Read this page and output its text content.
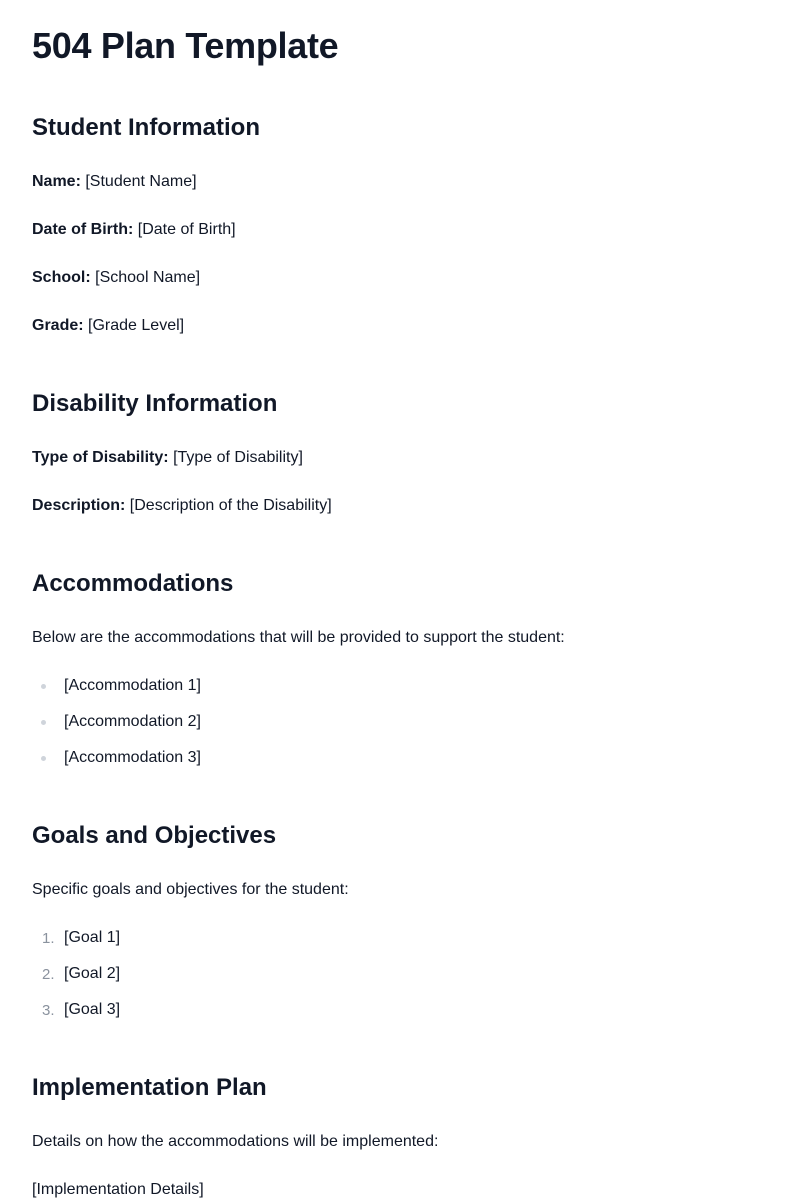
504 Plan Template
Student Information
Name: [Student Name]
Date of Birth: [Date of Birth]
School: [School Name]
Grade: [Grade Level]
Disability Information
Type of Disability: [Type of Disability]
Description: [Description of the Disability]
Accommodations
Below are the accommodations that will be provided to support the student:
[Accommodation 1]
[Accommodation 2]
[Accommodation 3]
Goals and Objectives
Specific goals and objectives for the student:
1. [Goal 1]
2. [Goal 2]
3. [Goal 3]
Implementation Plan
Details on how the accommodations will be implemented:
[Implementation Details]
